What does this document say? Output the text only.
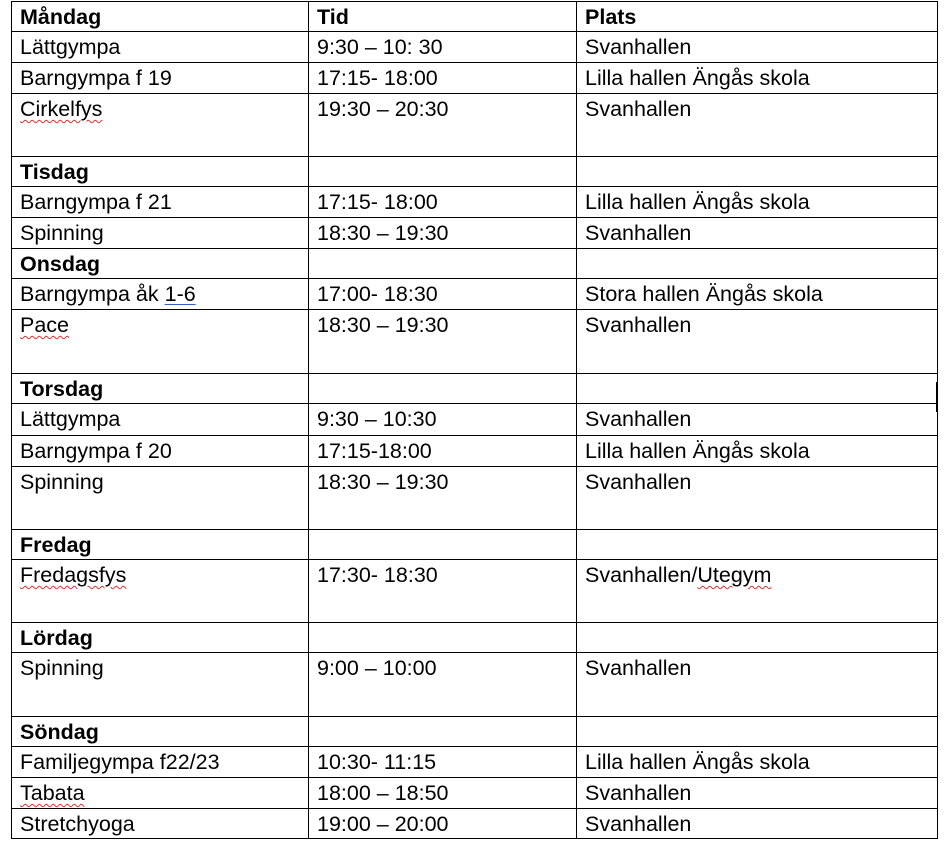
Måndag	Tid	Plats
Lättgympa	9:30 – 10: 30	Svanhallen
Barngympa f 19	17:15- 18:00	Lilla hallen Ängås skola
Cirkelfys	19:30 – 20:30	Svanhallen
Tisdag		
Barngympa f 21	17:15- 18:00	Lilla hallen Ängås skola
Spinning	18:30 – 19:30	Svanhallen
Onsdag		
Barngympa åk 1-6	17:00- 18:30	Stora hallen Ängås skola
Pace	18:30 – 19:30	Svanhallen
Torsdag		
Lättgympa	9:30 – 10:30	Svanhallen
Barngympa f 20	17:15-18:00	Lilla hallen Ängås skola
Spinning	18:30 – 19:30	Svanhallen
Fredag		
Fredagsfys	17:30- 18:30	Svanhallen/Utegym
Lördag		
Spinning	9:00 – 10:00	Svanhallen
Söndag		
Familjegympa f22/23	10:30- 11:15	Lilla hallen Ängås skola
Tabata	18:00 – 18:50	Svanhallen
Stretchyoga	19:00 – 20:00	Svanhallen
